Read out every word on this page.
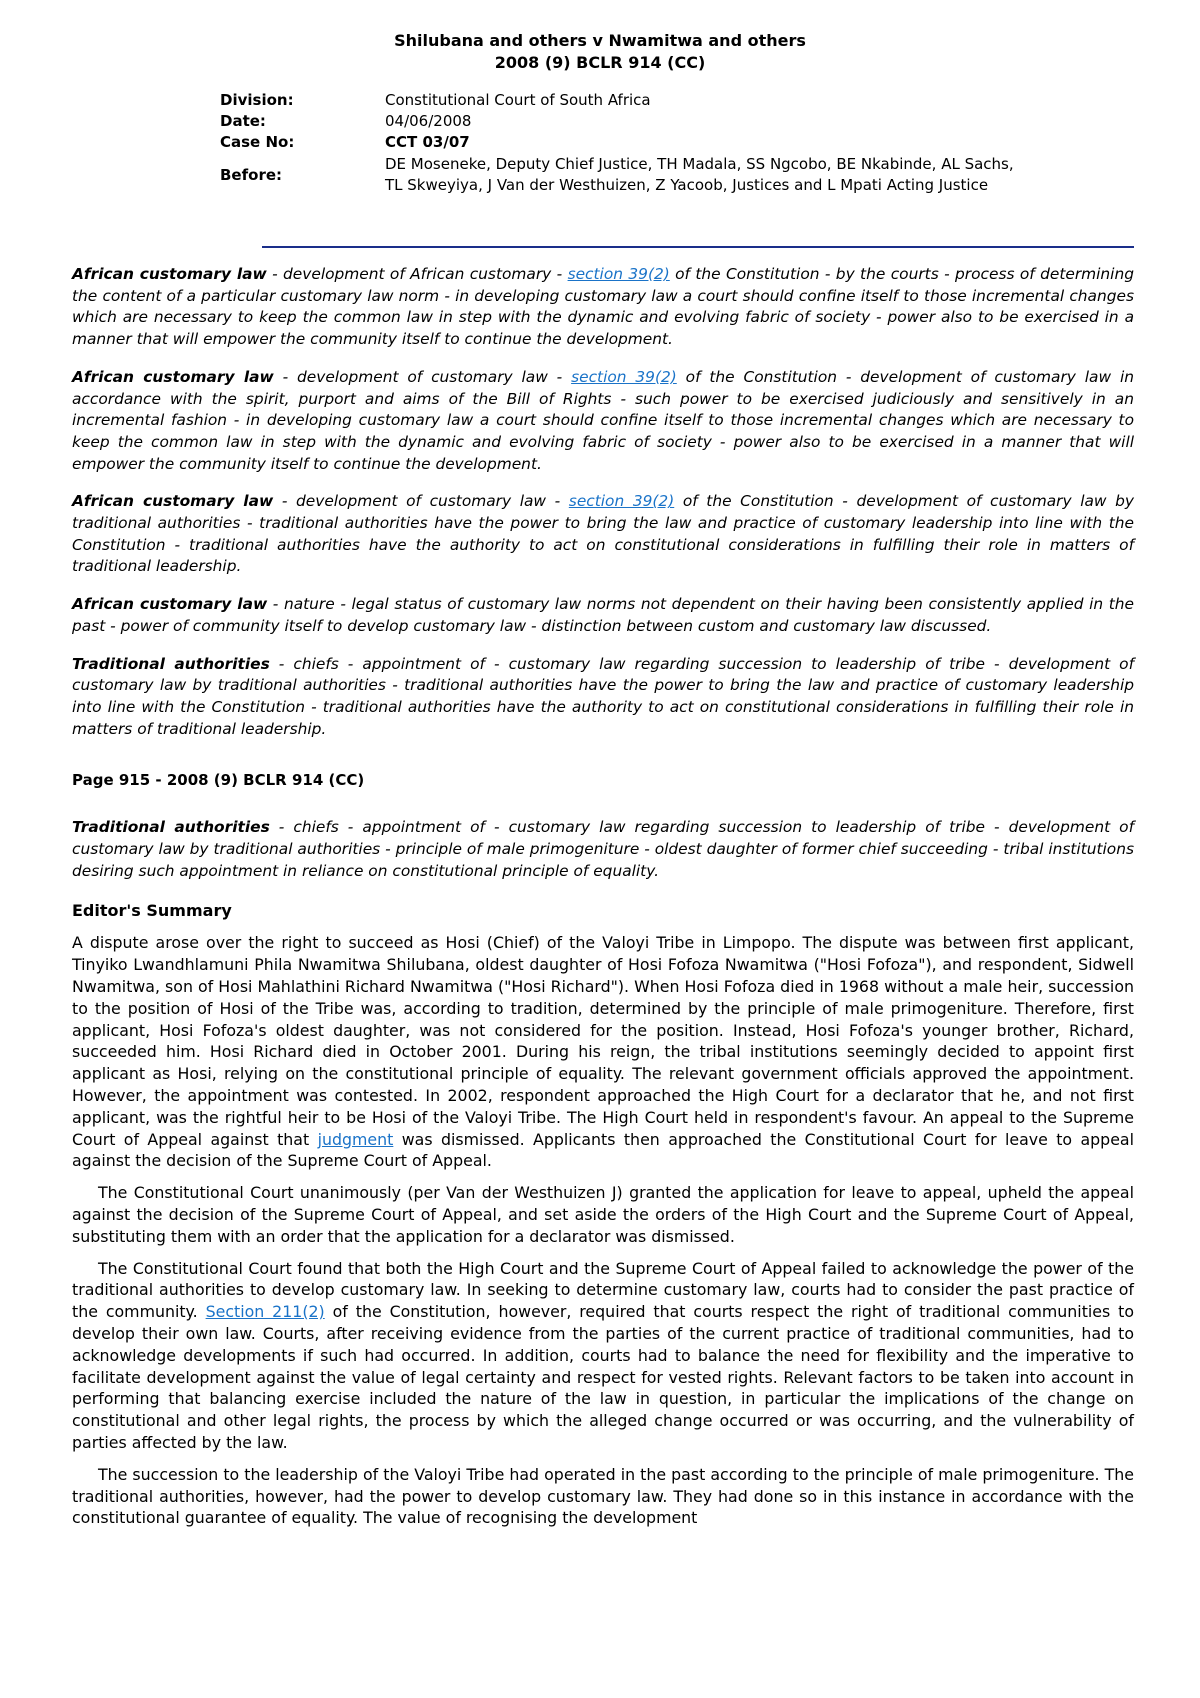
Shilubana and others v Nwamitwa and others
2008 (9) BCLR 914 (CC)
Division:	Constitutional Court of South Africa
Date:	04/06/2008
Case No:	CCT 03/07
Before:
DE Moseneke, Deputy Chief Justice, TH Madala, SS Ngcobo, BE Nkabinde, AL Sachs, TL Skweyiya, J Van der Westhuizen, Z Yacoob, Justices and L Mpati Acting Justice

African customary law - development of African customary - section 39(2) of the Constitution - by the courts - process of determining the content of a particular customary law norm - in developing customary law a court should confine itself to those incremental changes which are necessary to keep the common law in step with the dynamic and evolving fabric of society - power also to be exercised in a manner that will empower the community itself to continue the development.

African customary law - development of customary law - section 39(2) of the Constitution - development of customary law in accordance with the spirit, purport and aims of the Bill of Rights - such power to be exercised judiciously and sensitively in an incremental fashion - in developing customary law a court should confine itself to those incremental changes which are necessary to keep the common law in step with the dynamic and evolving fabric of society - power also to be exercised in a manner that will empower the community itself to continue the development.

African customary law - development of customary law - section 39(2) of the Constitution - development of customary law by traditional authorities - traditional authorities have the power to bring the law and practice of customary leadership into line with the Constitution - traditional authorities have the authority to act on constitutional considerations in fulfilling their role in matters of traditional leadership.

African customary law - nature - legal status of customary law norms not dependent on their having been consistently applied in the past - power of community itself to develop customary law - distinction between custom and customary law discussed.

Traditional authorities - chiefs - appointment of - customary law regarding succession to leadership of tribe - development of customary law by traditional authorities - traditional authorities have the power to bring the law and practice of customary leadership into line with the Constitution - traditional authorities have the authority to act on constitutional considerations in fulfilling their role in matters of traditional leadership.

Page 915 - 2008 (9) BCLR 914 (CC)

Traditional authorities - chiefs - appointment of - customary law regarding succession to leadership of tribe - development of customary law by traditional authorities - principle of male primogeniture - oldest daughter of former chief succeeding - tribal institutions desiring such appointment in reliance on constitutional principle of equality.

Editor's Summary

A dispute arose over the right to succeed as Hosi (Chief) of the Valoyi Tribe in Limpopo. The dispute was between first applicant, Tinyiko Lwandhlamuni Phila Nwamitwa Shilubana, oldest daughter of Hosi Fofoza Nwamitwa ("Hosi Fofoza"), and respondent, Sidwell Nwamitwa, son of Hosi Mahlathini Richard Nwamitwa ("Hosi Richard"). When Hosi Fofoza died in 1968 without a male heir, succession to the position of Hosi of the Tribe was, according to tradition, determined by the principle of male primogeniture. Therefore, first applicant, Hosi Fofoza's oldest daughter, was not considered for the position. Instead, Hosi Fofoza's younger brother, Richard, succeeded him. Hosi Richard died in October 2001. During his reign, the tribal institutions seemingly decided to appoint first applicant as Hosi, relying on the constitutional principle of equality. The relevant government officials approved the appointment. However, the appointment was contested. In 2002, respondent approached the High Court for a declarator that he, and not first applicant, was the rightful heir to be Hosi of the Valoyi Tribe. The High Court held in respondent's favour. An appeal to the Supreme Court of Appeal against that judgment was dismissed. Applicants then approached the Constitutional Court for leave to appeal against the decision of the Supreme Court of Appeal.

The Constitutional Court unanimously (per Van der Westhuizen J) granted the application for leave to appeal, upheld the appeal against the decision of the Supreme Court of Appeal, and set aside the orders of the High Court and the Supreme Court of Appeal, substituting them with an order that the application for a declarator was dismissed.

The Constitutional Court found that both the High Court and the Supreme Court of Appeal failed to acknowledge the power of the traditional authorities to develop customary law. In seeking to determine customary law, courts had to consider the past practice of the community. Section 211(2) of the Constitution, however, required that courts respect the right of traditional communities to develop their own law. Courts, after receiving evidence from the parties of the current practice of traditional communities, had to acknowledge developments if such had occurred. In addition, courts had to balance the need for flexibility and the imperative to facilitate development against the value of legal certainty and respect for vested rights. Relevant factors to be taken into account in performing that balancing exercise included the nature of the law in question, in particular the implications of the change on constitutional and other legal rights, the process by which the alleged change occurred or was occurring, and the vulnerability of parties affected by the law.

The succession to the leadership of the Valoyi Tribe had operated in the past according to the principle of male primogeniture. The traditional authorities, however, had the power to develop customary law. They had done so in this instance in accordance with the constitutional guarantee of equality. The value of recognising the development
